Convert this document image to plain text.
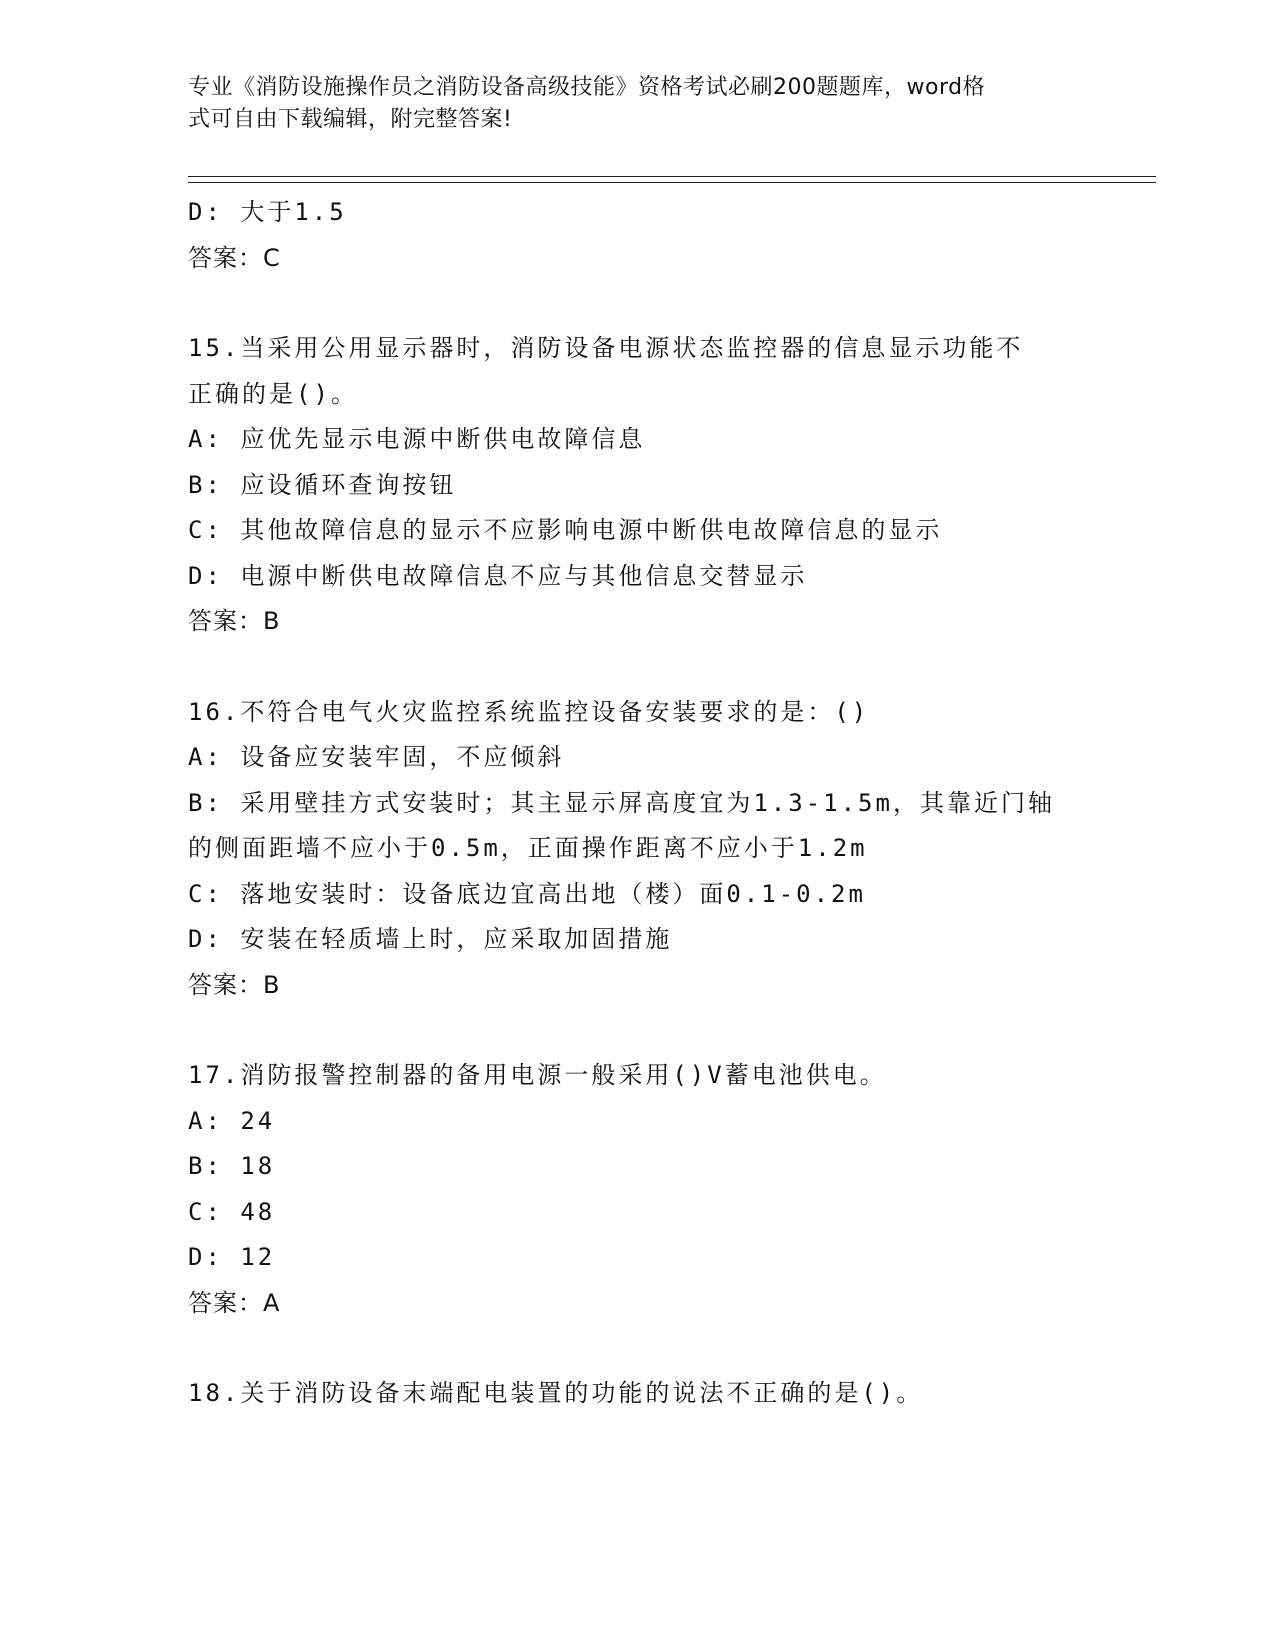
专业《消防设施操作员之消防设备高级技能》资格考试必刷200题题库，word格
式可自由下载编辑，附完整答案!
D: 大于1.5
答案：C
15.当采用公用显示器时，消防设备电源状态监控器的信息显示功能不
正确的是()。
A: 应优先显示电源中断供电故障信息
B: 应设循环查询按钮
C: 其他故障信息的显示不应影响电源中断供电故障信息的显示
D: 电源中断供电故障信息不应与其他信息交替显示
答案：B
16.不符合电气火灾监控系统监控设备安装要求的是：()
A: 设备应安装牢固，不应倾斜
B: 采用壁挂方式安装时；其主显示屏高度宜为1.3-1.5m，其靠近门轴
的侧面距墙不应小于0.5m，正面操作距离不应小于1.2m
C: 落地安装时：设备底边宜高出地（楼）面0.1-0.2m
D: 安装在轻质墙上时，应采取加固措施
答案：B
17.消防报警控制器的备用电源一般采用()V蓄电池供电。
A: 24
B: 18
C: 48
D: 12
答案：A
18.关于消防设备末端配电装置的功能的说法不正确的是()。
